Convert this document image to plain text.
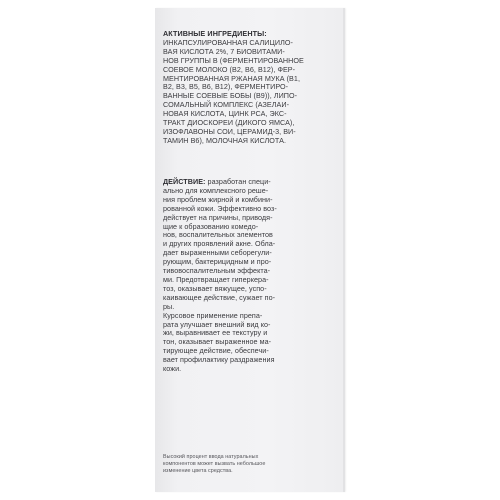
АКТИВНЫЕ ИНГРЕДИЕНТЫ:
ИНКАПСУЛИРОВАННАЯ САЛИЦИЛО-
ВАЯ КИСЛОТА 2%, 7 БИОВИТАМИ-
НОВ ГРУППЫ В (ФЕРМЕНТИРОВАННОЕ
СОЕВОЕ МОЛОКО (В2, В6, В12), ФЕР-
МЕНТИРОВАННАЯ РЖАНАЯ МУКА (В1,
В2, В3, В5, В6, В12), ФЕРМЕНТИРО-
ВАННЫЕ СОЕВЫЕ БОБЫ (В9)), ЛИПО-
СОМАЛЬНЫЙ КОМПЛЕКС (АЗЕЛАИ-
НОВАЯ КИСЛОТА, ЦИНК РСА, ЭКС-
ТРАКТ ДИОСКОРЕИ (ДИКОГО ЯМСА),
ИЗОФЛАВОНЫ СОИ, ЦЕРАМИД-3, ВИ-
ТАМИН В6), МОЛОЧНАЯ КИСЛОТА.
ДЕЙСТВИЕ: разработан специ-
ально для комплексного реше-
ния проблем жирной и комбини-
рованной кожи. Эффективно воз-
действует на причины, приводя-
щие к образованию комедо-
нов, воспалительных элементов
и других проявлений акне. Обла-
дает выраженными себорегули-
рующим, бактерицидным и про-
тивовоспалительным эффекта-
ми. Предотвращает гиперкера-
тоз, оказывает вяжущее, успо-
каивающее действие, сужает по-
ры.
Курсовое применение препа-
рата улучшает внешний вид ко-
жи, выравнивает ее текстуру и
тон, оказывает выраженное ма-
тирующее действие, обеспечи-
вает профилактику раздражения
кожи.
Высокий процент ввода натуральных
компонентов может вызвать небольшое
изменение цвета средства.
